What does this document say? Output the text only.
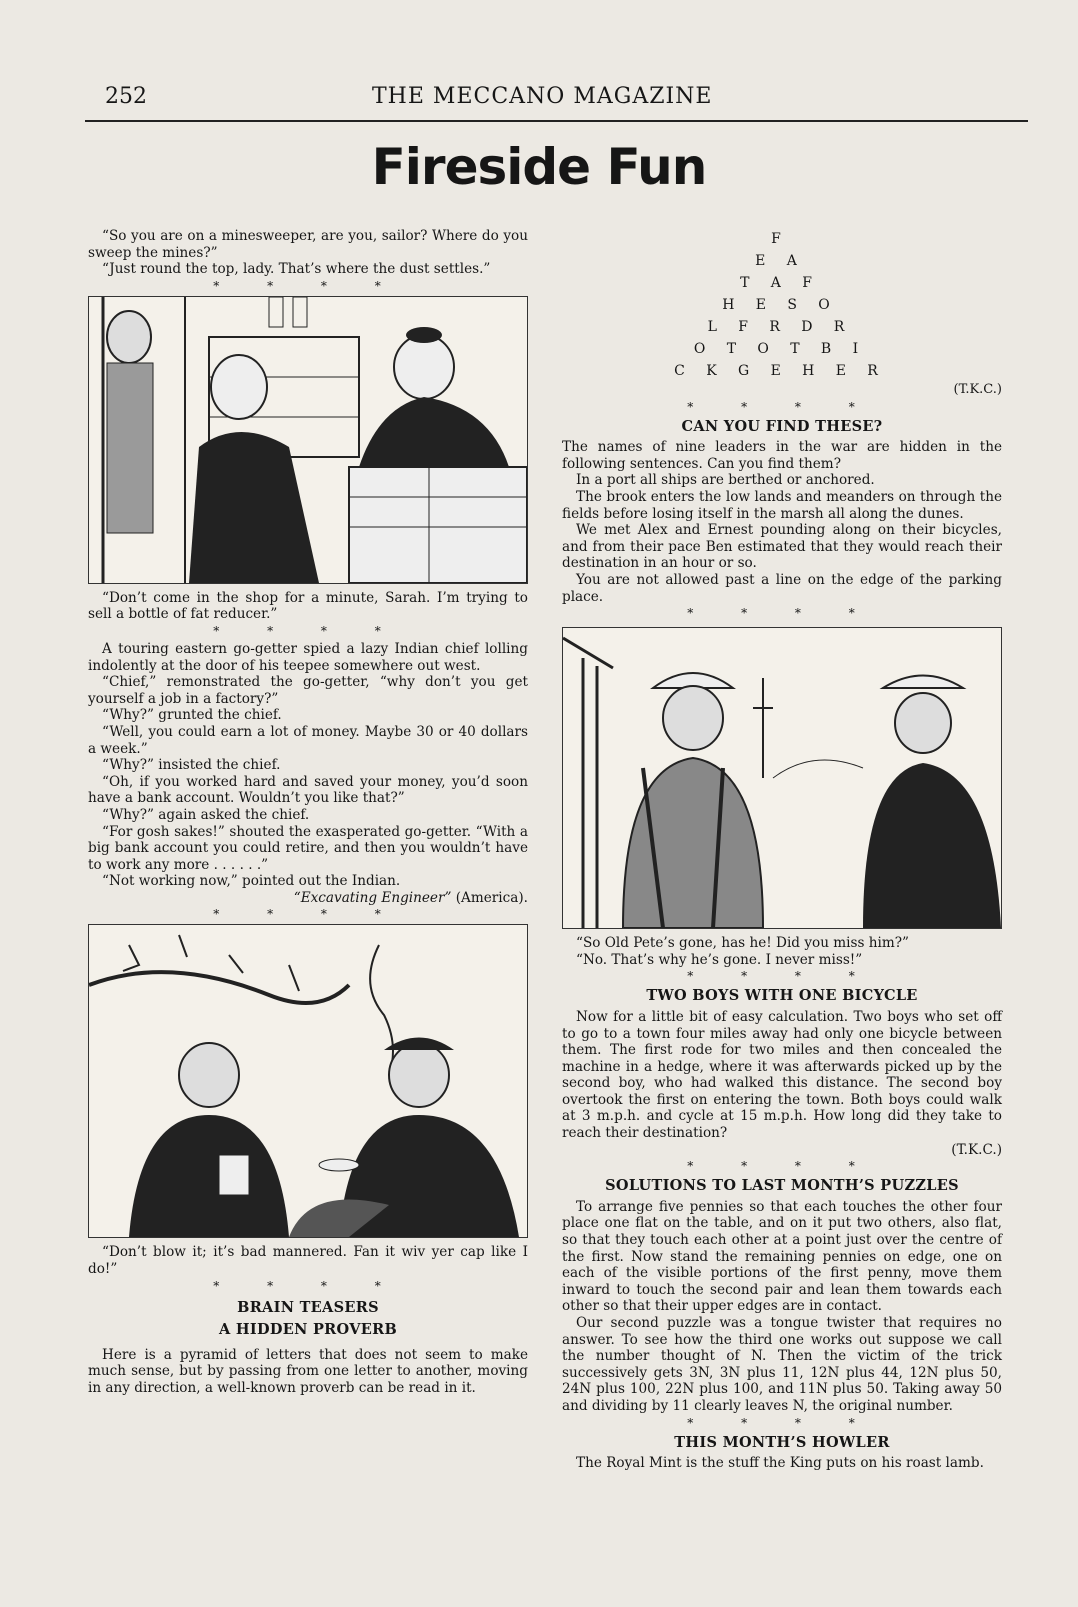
252	THE MECCANO MAGAZINE
Fireside Fun

“So you are on a minesweeper, are you, sailor? Where do you sweep the mines?”

“Just round the top, lady. That’s where the dust settles.”

* * * *

“Don’t come in the shop for a minute, Sarah. I’m trying to sell a bottle of fat reducer.”

* * * *

A touring eastern go-getter spied a lazy Indian chief lolling indolently at the door of his teepee somewhere out west.

“Chief,” remonstrated the go-getter, “why don’t you get yourself a job in a factory?”

“Why?” grunted the chief.

“Well, you could earn a lot of money. Maybe 30 or 40 dollars a week.”

“Why?” insisted the chief.

“Oh, if you worked hard and saved your money, you’d soon have a bank account. Wouldn’t you like that?”

“Why?” again asked the chief.

“For gosh sakes!” shouted the exasperated go-getter. “With a big bank account you could retire, and then you wouldn’t have to work any more . . . . . .”

“Not working now,” pointed out the Indian.

“Excavating Engineer” (America).
* * * *

“Don’t blow it; it’s bad mannered. Fan it wiv yer cap like I do!”

* * * *
BRAIN TEASERS
A HIDDEN PROVERB

Here is a pyramid of letters that does not seem to make much sense, but by passing from one letter to another, moving in any direction, a well-known proverb can be read in it.

F
E   A
T   A   F
H   E   S   O
L   F   R   D   R
O   T   O   T   B   I
C   K   G   E   H   E   R
(T.K.C.)
* * * *
CAN YOU FIND THESE?

The names of nine leaders in the war are hidden in the following sentences. Can you find them?

In a port all ships are berthed or anchored.

The brook enters the low lands and meanders on through the fields before losing itself in the marsh all along the dunes.

We met Alex and Ernest pounding along on their bicycles, and from their pace Ben estimated that they would reach their destination in an hour or so.

You are not allowed past a line on the edge of the parking place.

* * * *

“So Old Pete’s gone, has he! Did you miss him?”

“No. That’s why he’s gone. I never miss!”

* * * *
TWO BOYS WITH ONE BICYCLE

Now for a little bit of easy calculation. Two boys who set off to go to a town four miles away had only one bicycle between them. The first rode for two miles and then concealed the machine in a hedge, where it was afterwards picked up by the second boy, who had walked this distance. The second boy overtook the first on entering the town. Both boys could walk at 3 m.p.h. and cycle at 15 m.p.h. How long did they take to reach their destination?

(T.K.C.)
* * * *
SOLUTIONS TO LAST MONTH’S PUZZLES

To arrange five pennies so that each touches the other four place one flat on the table, and on it put two others, also flat, so that they touch each other at a point just over the centre of the first. Now stand the remaining pennies on edge, one on each of the visible portions of the first penny, move them inward to touch the second pair and lean them towards each other so that their upper edges are in contact.

Our second puzzle was a tongue twister that requires no answer. To see how the third one works out suppose we call the number thought of N. Then the victim of the trick successively gets 3N, 3N plus 11, 12N plus 44, 12N plus 50, 24N plus 100, 22N plus 100, and 11N plus 50. Taking away 50 and dividing by 11 clearly leaves N, the original number.

* * * *
THIS MONTH’S HOWLER

The Royal Mint is the stuff the King puts on his roast lamb.
